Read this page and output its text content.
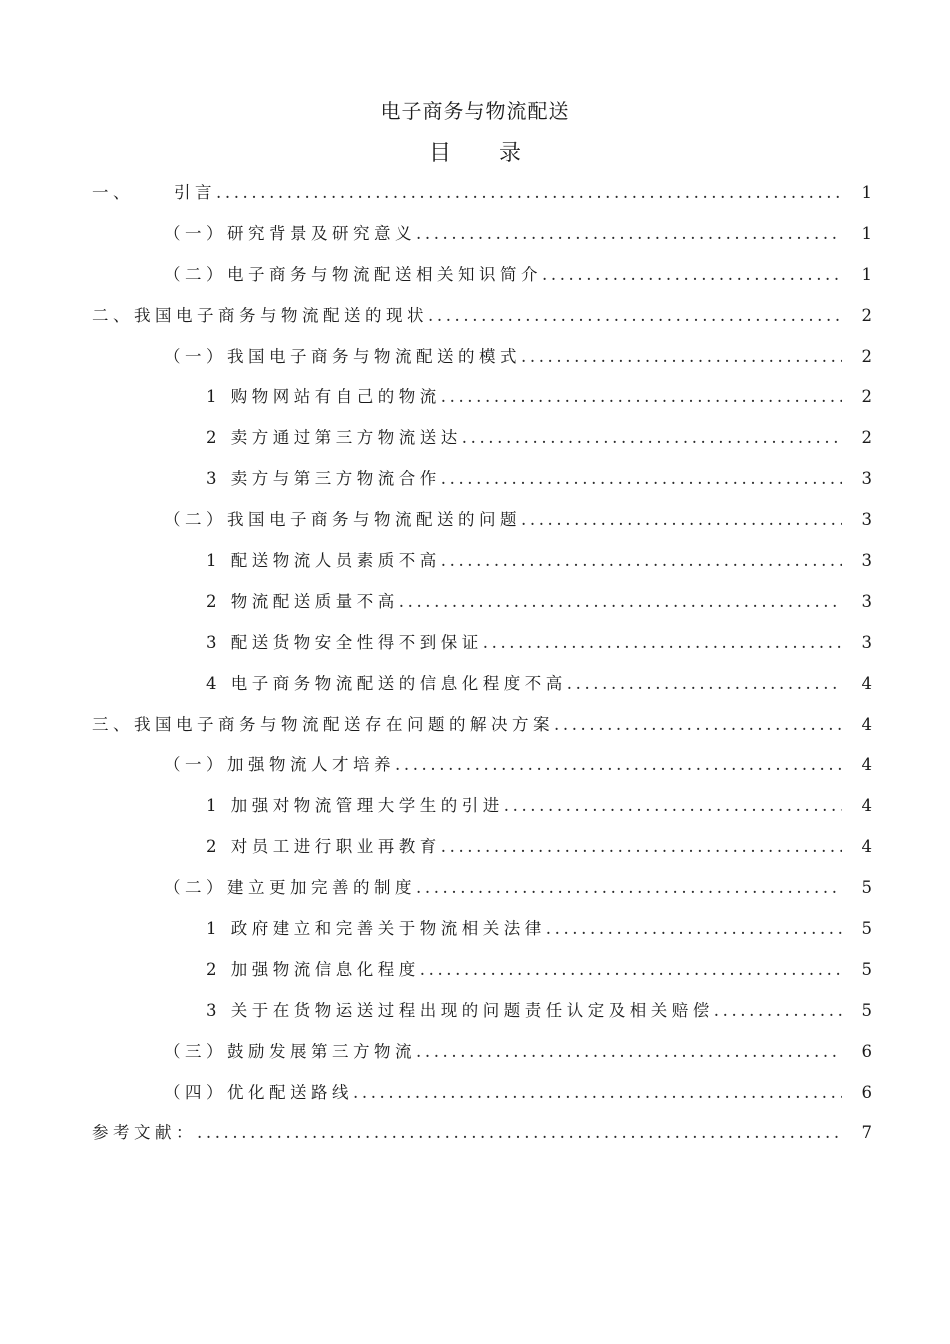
电子商务与物流配送
目 录
一、 引言 .....	1
（一）研究背景及研究意义 .....	1
（二）电子商务与物流配送相关知识简介 .....	1
二、我国电子商务与物流配送的现状 .....	2
（一）我国电子商务与物流配送的模式 .....	2
1 购物网站有自己的物流 .....	2
2 卖方通过第三方物流送达 .....	2
3 卖方与第三方物流合作 .....	3
（二）我国电子商务与物流配送的问题 .....	3
1 配送物流人员素质不高 .....	3
2 物流配送质量不高 .....	3
3 配送货物安全性得不到保证 .....	3
4 电子商务物流配送的信息化程度不高 .....	4
三、我国电子商务与物流配送存在问题的解决方案 .....	4
（一）加强物流人才培养 .....	4
1 加强对物流管理大学生的引进 .....	4
2 对员工进行职业再教育 .....	4
（二）建立更加完善的制度 .....	5
1 政府建立和完善关于物流相关法律 .....	5
2 加强物流信息化程度 .....	5
3 关于在货物运送过程出现的问题责任认定及相关赔偿 .....	5
（三）鼓励发展第三方物流 .....	6
（四）优化配送路线 .....	6
参考文献： .....	7
